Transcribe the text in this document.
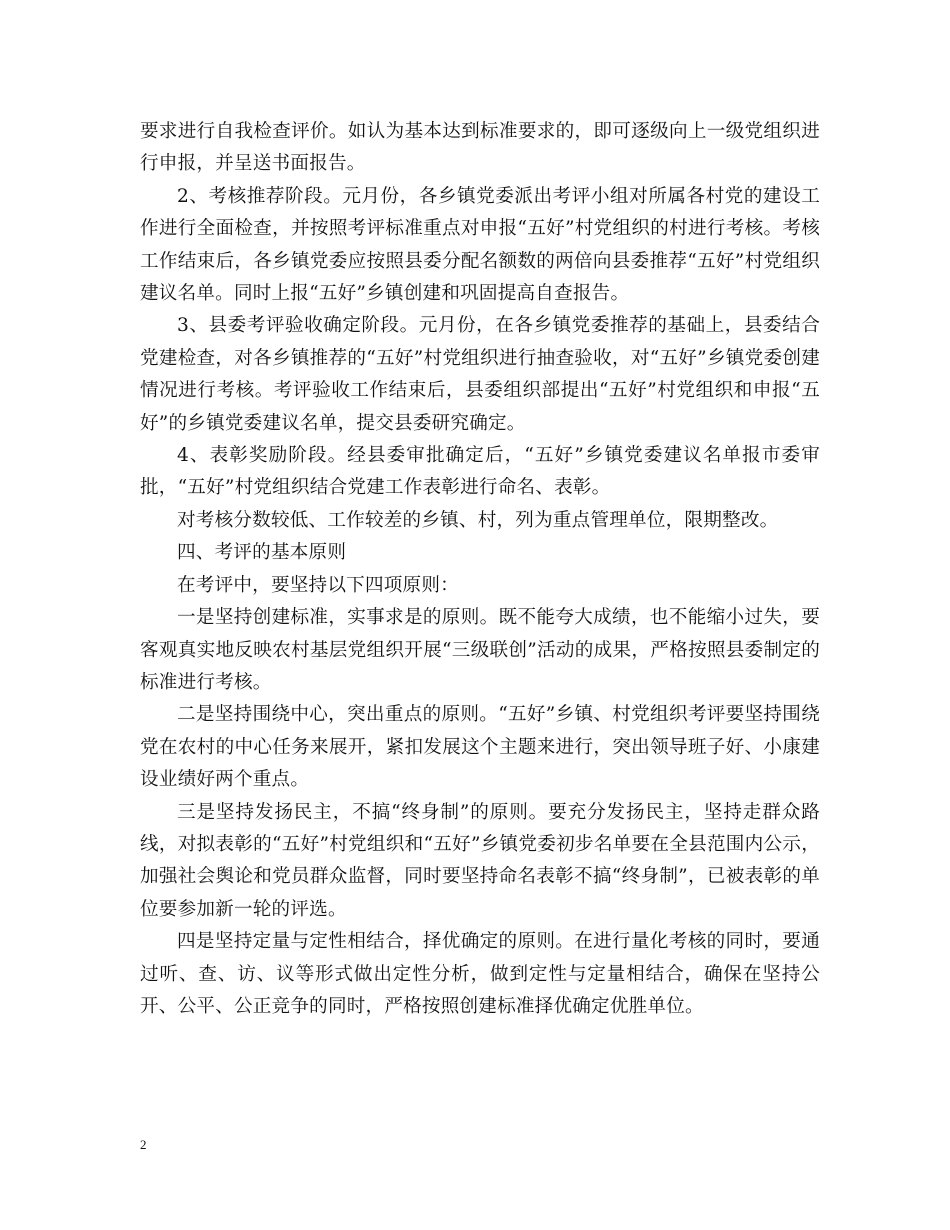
要求进行自我检查评价。如认为基本达到标准要求的，即可逐级向上一级党组织进行申报，并呈送书面报告。

2、考核推荐阶段。元月份，各乡镇党委派出考评小组对所属各村党的建设工作进行全面检查，并按照考评标准重点对申报“五好”村党组织的村进行考核。考核工作结束后，各乡镇党委应按照县委分配名额数的两倍向县委推荐“五好”村党组织建议名单。同时上报“五好”乡镇创建和巩固提高自查报告。

3、县委考评验收确定阶段。元月份，在各乡镇党委推荐的基础上，县委结合党建检查，对各乡镇推荐的“五好”村党组织进行抽查验收，对“五好”乡镇党委创建情况进行考核。考评验收工作结束后，县委组织部提出“五好”村党组织和申报“五好”的乡镇党委建议名单，提交县委研究确定。

4、表彰奖励阶段。经县委审批确定后，“五好”乡镇党委建议名单报市委审批，“五好”村党组织结合党建工作表彰进行命名、表彰。

对考核分数较低、工作较差的乡镇、村，列为重点管理单位，限期整改。

四、考评的基本原则

在考评中，要坚持以下四项原则：

一是坚持创建标准，实事求是的原则。既不能夸大成绩，也不能缩小过失，要客观真实地反映农村基层党组织开展“三级联创”活动的成果，严格按照县委制定的标准进行考核。

二是坚持围绕中心，突出重点的原则。“五好”乡镇、村党组织考评要坚持围绕党在农村的中心任务来展开，紧扣发展这个主题来进行，突出领导班子好、小康建设业绩好两个重点。

三是坚持发扬民主，不搞“终身制”的原则。要充分发扬民主，坚持走群众路线，对拟表彰的“五好”村党组织和“五好”乡镇党委初步名单要在全县范围内公示，加强社会舆论和党员群众监督，同时要坚持命名表彰不搞“终身制”，已被表彰的单位要参加新一轮的评选。

四是坚持定量与定性相结合，择优确定的原则。在进行量化考核的同时，要通过听、查、访、议等形式做出定性分析，做到定性与定量相结合，确保在坚持公开、公平、公正竞争的同时，严格按照创建标准择优确定优胜单位。

2
